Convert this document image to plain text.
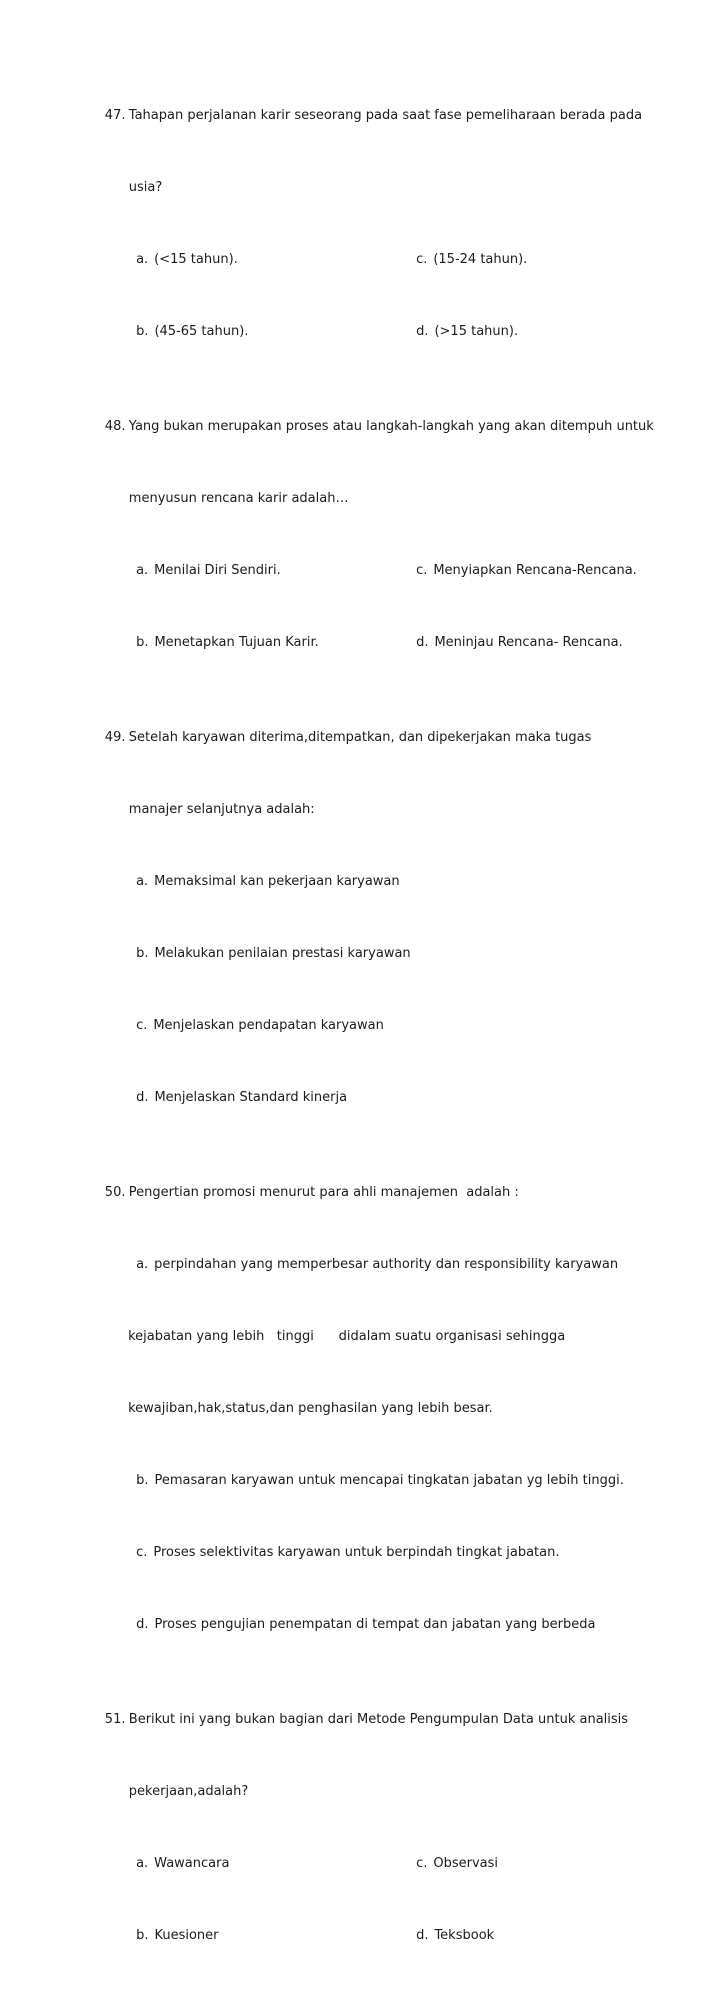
47. Tahapan perjalanan karir seseorang pada saat fase pemeliharaan berada pada

usia?

a. (<15 tahun).
	c. (15-24 tahun).

b. (45-65 tahun).
	d. (>15 tahun).

48. Yang bukan merupakan proses atau langkah-langkah yang akan ditempuh untuk

menyusun rencana karir adalah…

a. Menilai Diri Sendiri.
	c. Menyiapkan Rencana-Rencana.

b. Menetapkan Tujuan Karir.
	d. Meninjau Rencana- Rencana.

49. Setelah karyawan diterima,ditempatkan, dan dipekerjakan maka tugas

manajer selanjutnya adalah:

a. Memaksimal kan pekerjaan karyawan

b. Melakukan penilaian prestasi karyawan

c. Menjelaskan pendapatan karyawan

d. Menjelaskan Standard kinerja

50. Pengertian promosi menurut para ahli manajemen  adalah :

a. perpindahan yang memperbesar authority dan responsibility karyawan

kejabatan yang lebih   tinggi      didalam suatu organisasi sehingga

kewajiban,hak,status,dan penghasilan yang lebih besar.

b. Pemasaran karyawan untuk mencapai tingkatan jabatan yg lebih tinggi.

c. Proses selektivitas karyawan untuk berpindah tingkat jabatan.

d. Proses pengujian penempatan di tempat dan jabatan yang berbeda

51. Berikut ini yang bukan bagian dari Metode Pengumpulan Data untuk analisis

pekerjaan,adalah?

a. Wawancara
	c. Observasi

b. Kuesioner
	d. Teksbook
